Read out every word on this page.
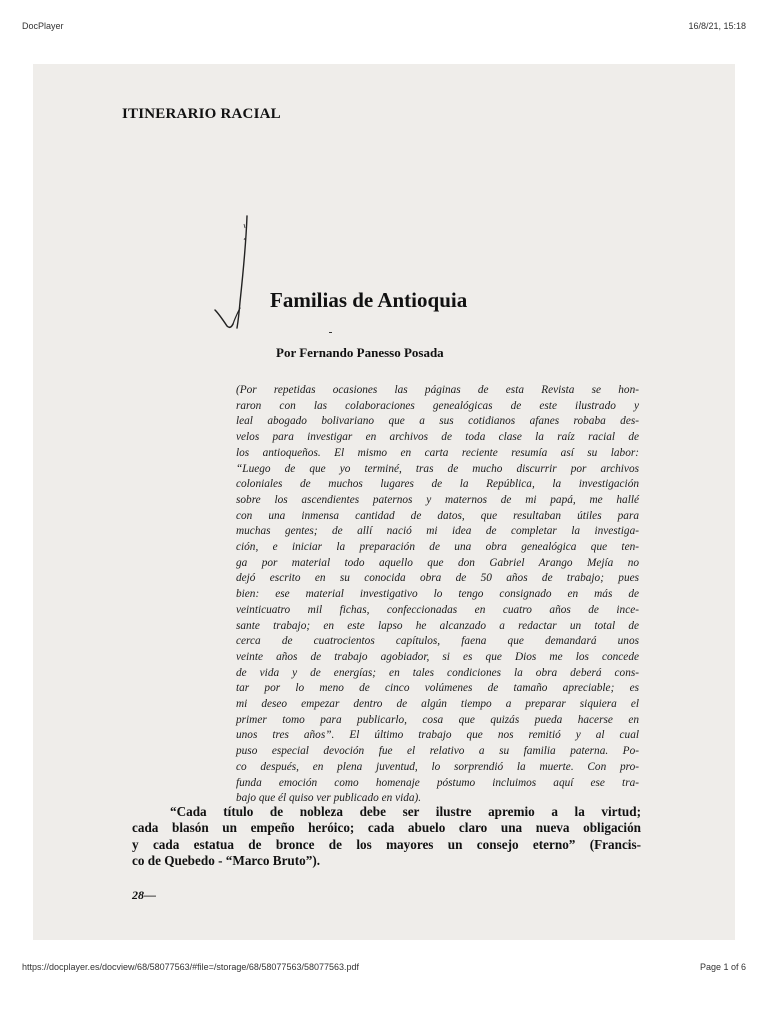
DocPlayer	16/8/21, 15:18
ITINERARIO RACIAL
Familias de Antioquia
Por Fernando Panesso Posada
(Por repetidas ocasiones las páginas de esta Revista se hon-
raron con las colaboraciones genealógicas de este ilustrado y
leal abogado bolivariano que a sus cotidianos afanes robaba des-
velos para investigar en archivos de toda clase la raíz racial de
los antioqueños. El mismo en carta reciente resumía así su labor:
“Luego de que yo terminé, tras de mucho discurrir por archivos
coloniales de muchos lugares de la República, la investigación
sobre los ascendientes paternos y maternos de mi papá, me hallé
con una inmensa cantidad de datos, que resultaban útiles para
muchas gentes; de allí nació mi idea de completar la investiga-
ción, e iniciar la preparación de una obra genealógica que ten-
ga por material todo aquello que don Gabriel Arango Mejía no
dejó escrito en su conocida obra de 50 años de trabajo; pues
bien: ese material investigativo lo tengo consignado en más de
veinticuatro mil fichas, confeccionadas en cuatro años de ince-
sante trabajo; en este lapso he alcanzado a redactar un total de
cerca de cuatrocientos capítulos, faena que demandará unos
veinte años de trabajo agobiador, si es que Dios me los concede
de vida y de energías; en tales condiciones la obra deberá cons-
tar por lo meno de cinco volúmenes de tamaño apreciable; es
mi deseo empezar dentro de algún tiempo a preparar siquiera el
primer tomo para publicarlo, cosa que quizás pueda hacerse en
unos tres años”. El último trabajo que nos remitió y al cual
puso especial devoción fue el relativo a su familia paterna. Po-
co después, en plena juventud, lo sorprendió la muerte. Con pro-
funda emoción como homenaje póstumo incluimos aquí ese tra-
bajo que él quiso ver publicado en vida).
“Cada título de nobleza debe ser ilustre apremio a la virtud;
cada blasón un empeño heróico; cada abuelo claro una nueva obligación
y cada estatua de bronce de los mayores un consejo eterno” (Francis-
co de Quebedo - “Marco Bruto”).
28—
https://docplayer.es/docview/68/58077563/#file=/storage/68/58077563/58077563.pdf	Page 1 of 6
